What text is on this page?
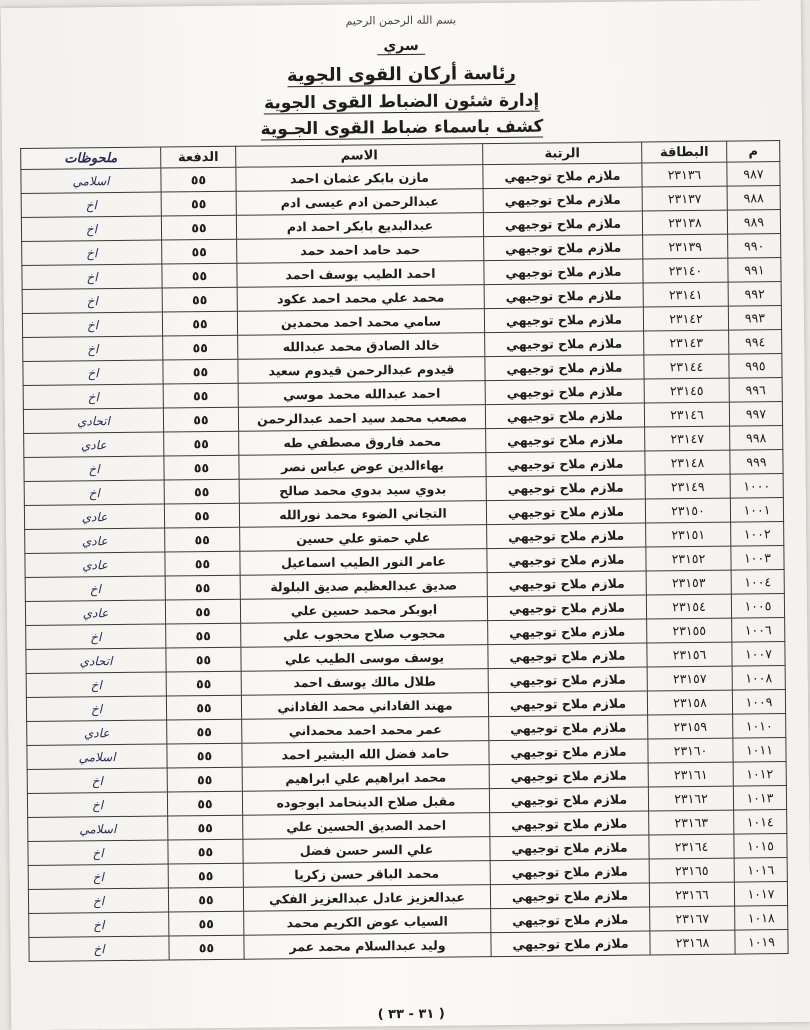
بسم الله الرحمن الرحيم
سري
رئاسة أركان القوى الجوية
إدارة شئون الضباط القوى الجوية
كشف باسماء ضباط القوى الجـوية
م	البطاقة	الرتبة	الاسم	الدفعة	ملحوظات
٩٨٧	٢٣١٣٦	ملازم ملاح توجيهي	مازن بابكر عثمان احمد	٥٥	اسلامي
٩٨٨	٢٣١٣٧	ملازم ملاح توجيهي	عبدالرحمن ادم عيسى ادم	٥٥	اخ
٩٨٩	٢٣١٣٨	ملازم ملاح توجيهي	عبدالبديع بابكر احمد ادم	٥٥	اخ
٩٩٠	٢٣١٣٩	ملازم ملاح توجيهي	حمد حامد احمد حمد	٥٥	اخ
٩٩١	٢٣١٤٠	ملازم ملاح توجيهي	احمد الطيب يوسف احمد	٥٥	اخ
٩٩٢	٢٣١٤١	ملازم ملاح توجيهي	محمد علي محمد احمد عكود	٥٥	اخ
٩٩٣	٢٣١٤٢	ملازم ملاح توجيهي	سامي محمد احمد محمدين	٥٥	اخ
٩٩٤	٢٣١٤٣	ملازم ملاح توجيهي	خالد الصادق محمد عبدالله	٥٥	اخ
٩٩٥	٢٣١٤٤	ملازم ملاح توجيهي	قيدوم عبدالرحمن قيدوم سعيد	٥٥	اخ
٩٩٦	٢٣١٤٥	ملازم ملاح توجيهي	احمد عبدالله محمد موسي	٥٥	اخ
٩٩٧	٢٣١٤٦	ملازم ملاح توجيهي	مصعب محمد سيد احمد عبدالرحمن	٥٥	اتحادي
٩٩٨	٢٣١٤٧	ملازم ملاح توجيهي	محمد فاروق مصطفي طه	٥٥	عادي
٩٩٩	٢٣١٤٨	ملازم ملاح توجيهي	بهاءالدين عوض عباس نصر	٥٥	اخ
١٠٠٠	٢٣١٤٩	ملازم ملاح توجيهي	بدوي سيد بدوي محمد صالح	٥٥	اخ
١٠٠١	٢٣١٥٠	ملازم ملاح توجيهي	التجاني الضوء محمد نورالله	٥٥	عادي
١٠٠٢	٢٣١٥١	ملازم ملاح توجيهي	علي حمتو علي حسين	٥٥	عادي
١٠٠٣	٢٣١٥٢	ملازم ملاح توجيهي	عامر النور الطيب اسماعيل	٥٥	عادي
١٠٠٤	٢٣١٥٣	ملازم ملاح توجيهي	صديق عبدالعظيم صديق البلولة	٥٥	اخ
١٠٠٥	٢٣١٥٤	ملازم ملاح توجيهي	ابوبكر محمد حسين علي	٥٥	عادي
١٠٠٦	٢٣١٥٥	ملازم ملاح توجيهي	محجوب صلاح محجوب علي	٥٥	اخ
١٠٠٧	٢٣١٥٦	ملازم ملاح توجيهي	يوسف موسى الطيب علي	٥٥	اتحادي
١٠٠٨	٢٣١٥٧	ملازم ملاح توجيهي	طلال مالك يوسف احمد	٥٥	اخ
١٠٠٩	٢٣١٥٨	ملازم ملاح توجيهي	مهند الفاداني محمد الفاداني	٥٥	اخ
١٠١٠	٢٣١٥٩	ملازم ملاح توجيهي	عمر محمد احمد محمداني	٥٥	عادي
١٠١١	٢٣١٦٠	ملازم ملاح توجيهي	حامد فضل الله البشير احمد	٥٥	اسلامي
١٠١٢	٢٣١٦١	ملازم ملاح توجيهي	محمد ابراهيم علي ابراهيم	٥٥	اخ
١٠١٣	٢٣١٦٢	ملازم ملاح توجيهي	مقبل صلاح الدينحامد ابوجوده	٥٥	اخ
١٠١٤	٢٣١٦٣	ملازم ملاح توجيهي	احمد الصديق الحسين علي	٥٥	اسلامي
١٠١٥	٢٣١٦٤	ملازم ملاح توجيهي	علي السر حسن فضل	٥٥	اخ
١٠١٦	٢٣١٦٥	ملازم ملاح توجيهي	محمد الباقر حسن زكريا	٥٥	اخ
١٠١٧	٢٣١٦٦	ملازم ملاح توجيهي	عبدالعزيز عادل عبدالعزيز الفكي	٥٥	اخ
١٠١٨	٢٣١٦٧	ملازم ملاح توجيهي	السياب عوض الكريم محمد	٥٥	اخ
١٠١٩	٢٣١٦٨	ملازم ملاح توجيهي	وليد عبدالسلام محمد عمر	٥٥	اخ
( ٣١ - ٣٣ )
